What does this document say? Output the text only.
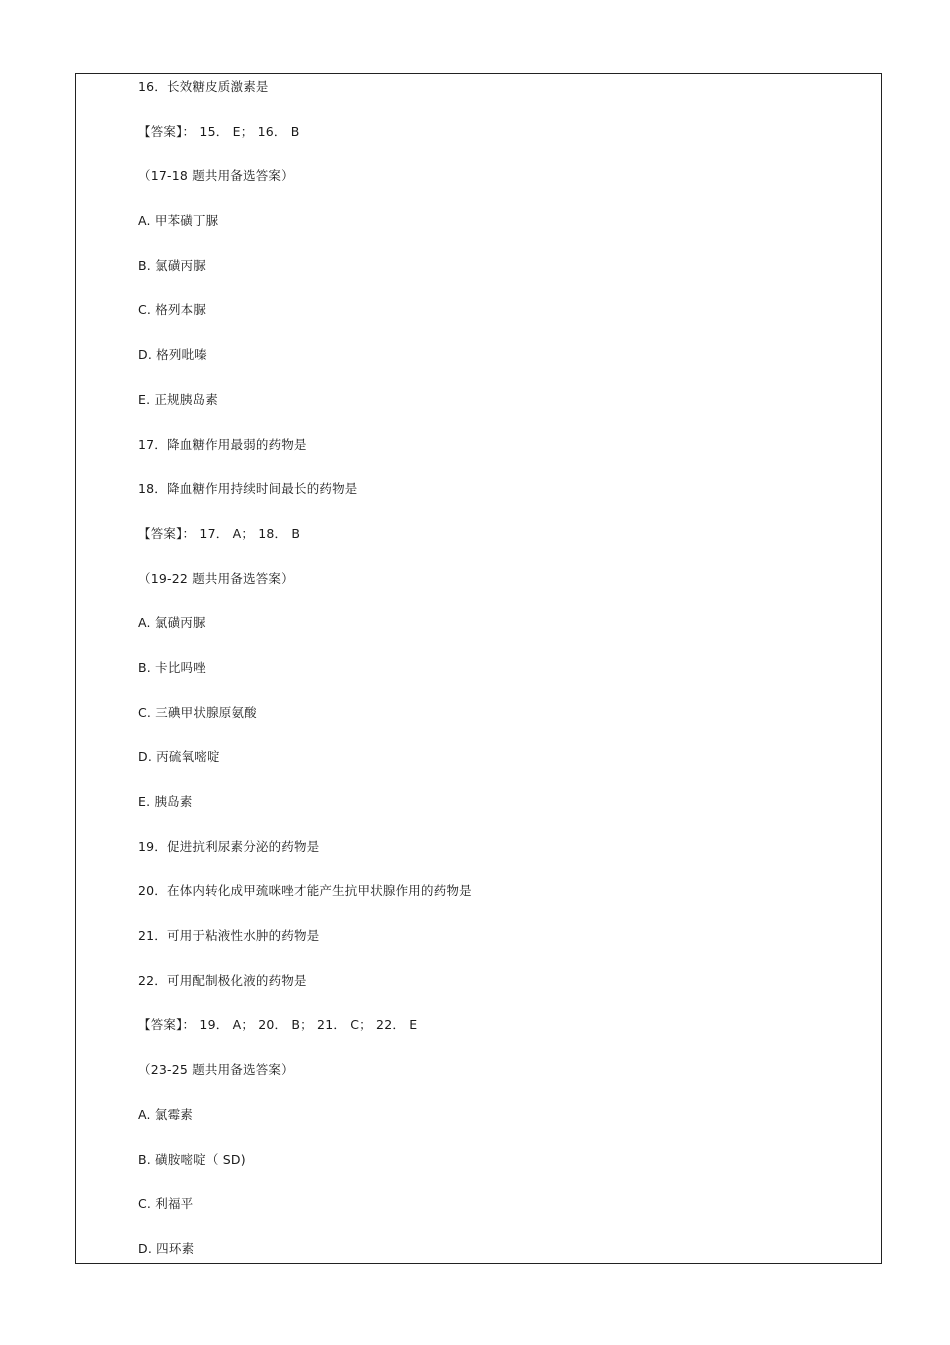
16．长效糖皮质激素是
【答案】： 15． E； 16． B
（17-18 题共用备选答案）
A. 甲苯磺丁脲
B. 氯磺丙脲
C. 格列本脲
D. 格列吡嗪
E. 正规胰岛素
17．降血糖作用最弱的药物是
18．降血糖作用持续时间最长的药物是
【答案】： 17． A； 18． B
（19-22 题共用备选答案）
A. 氯磺丙脲
B. 卡比吗唑
C. 三碘甲状腺原氨酸
D. 丙硫氧嘧啶
E. 胰岛素
19．促进抗利尿素分泌的药物是
20．在体内转化成甲巯咪唑才能产生抗甲状腺作用的药物是
21．可用于粘液性水肿的药物是
22．可用配制极化液的药物是
【答案】： 19． A； 20． B； 21． C； 22． E
（23-25 题共用备选答案）
A. 氯霉素
B. 磺胺嘧啶（ SD)
C. 利福平
D. 四环素
